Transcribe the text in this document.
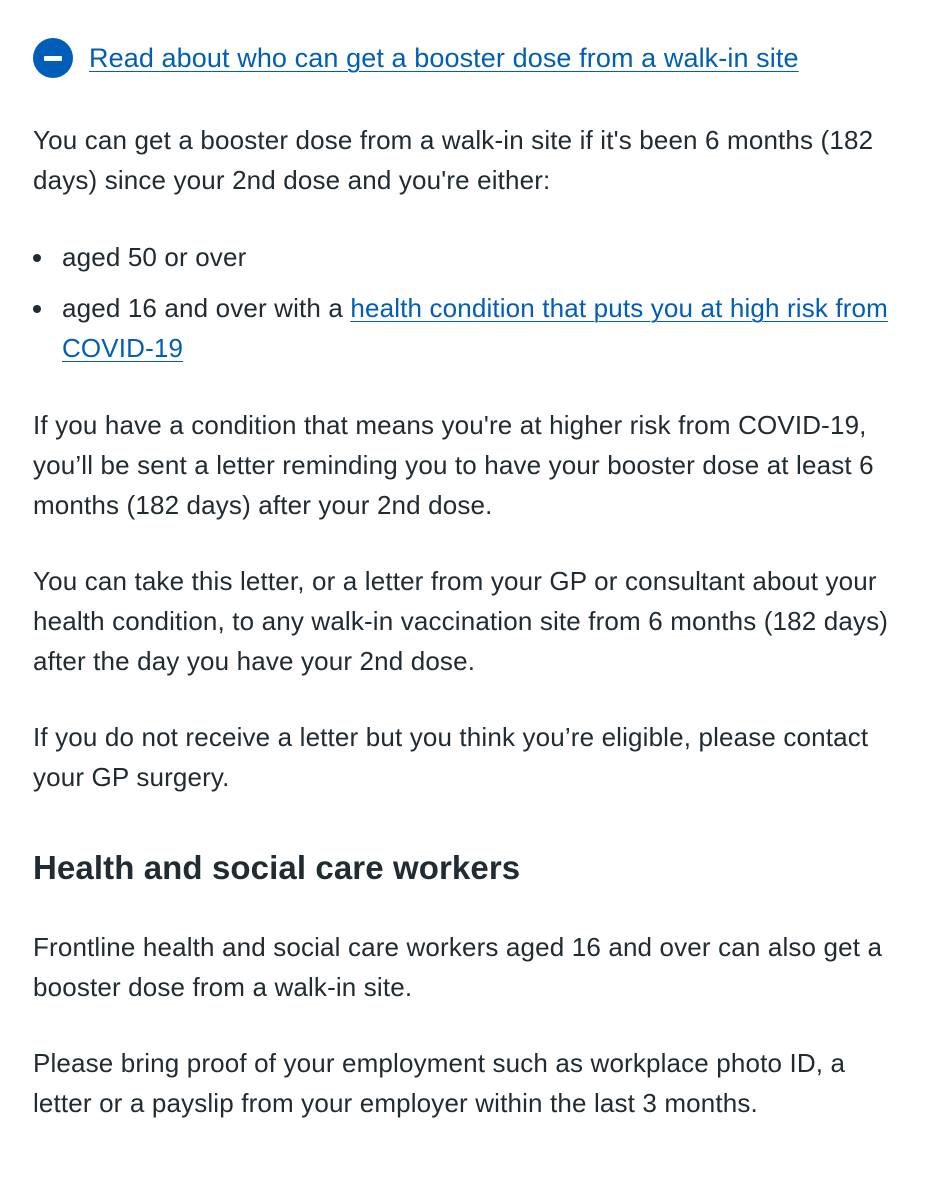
Read about who can get a booster dose from a walk-in site

You can get a booster dose from a walk-in site if it's been 6 months (182 days) since your 2nd dose and you're either:

aged 50 or over
aged 16 and over with a health condition that puts you at high risk from COVID-19

If you have a condition that means you're at higher risk from COVID-19, you’ll be sent a letter reminding you to have your booster dose at least 6 months (182 days) after your 2nd dose.

You can take this letter, or a letter from your GP or consultant about your health condition, to any walk-in vaccination site from 6 months (182 days) after the day you have your 2nd dose.

If you do not receive a letter but you think you’re eligible, please contact your GP surgery.

Health and social care workers

Frontline health and social care workers aged 16 and over can also get a booster dose from a walk-in site.

Please bring proof of your employment such as workplace photo ID, a letter or a payslip from your employer within the last 3 months.
